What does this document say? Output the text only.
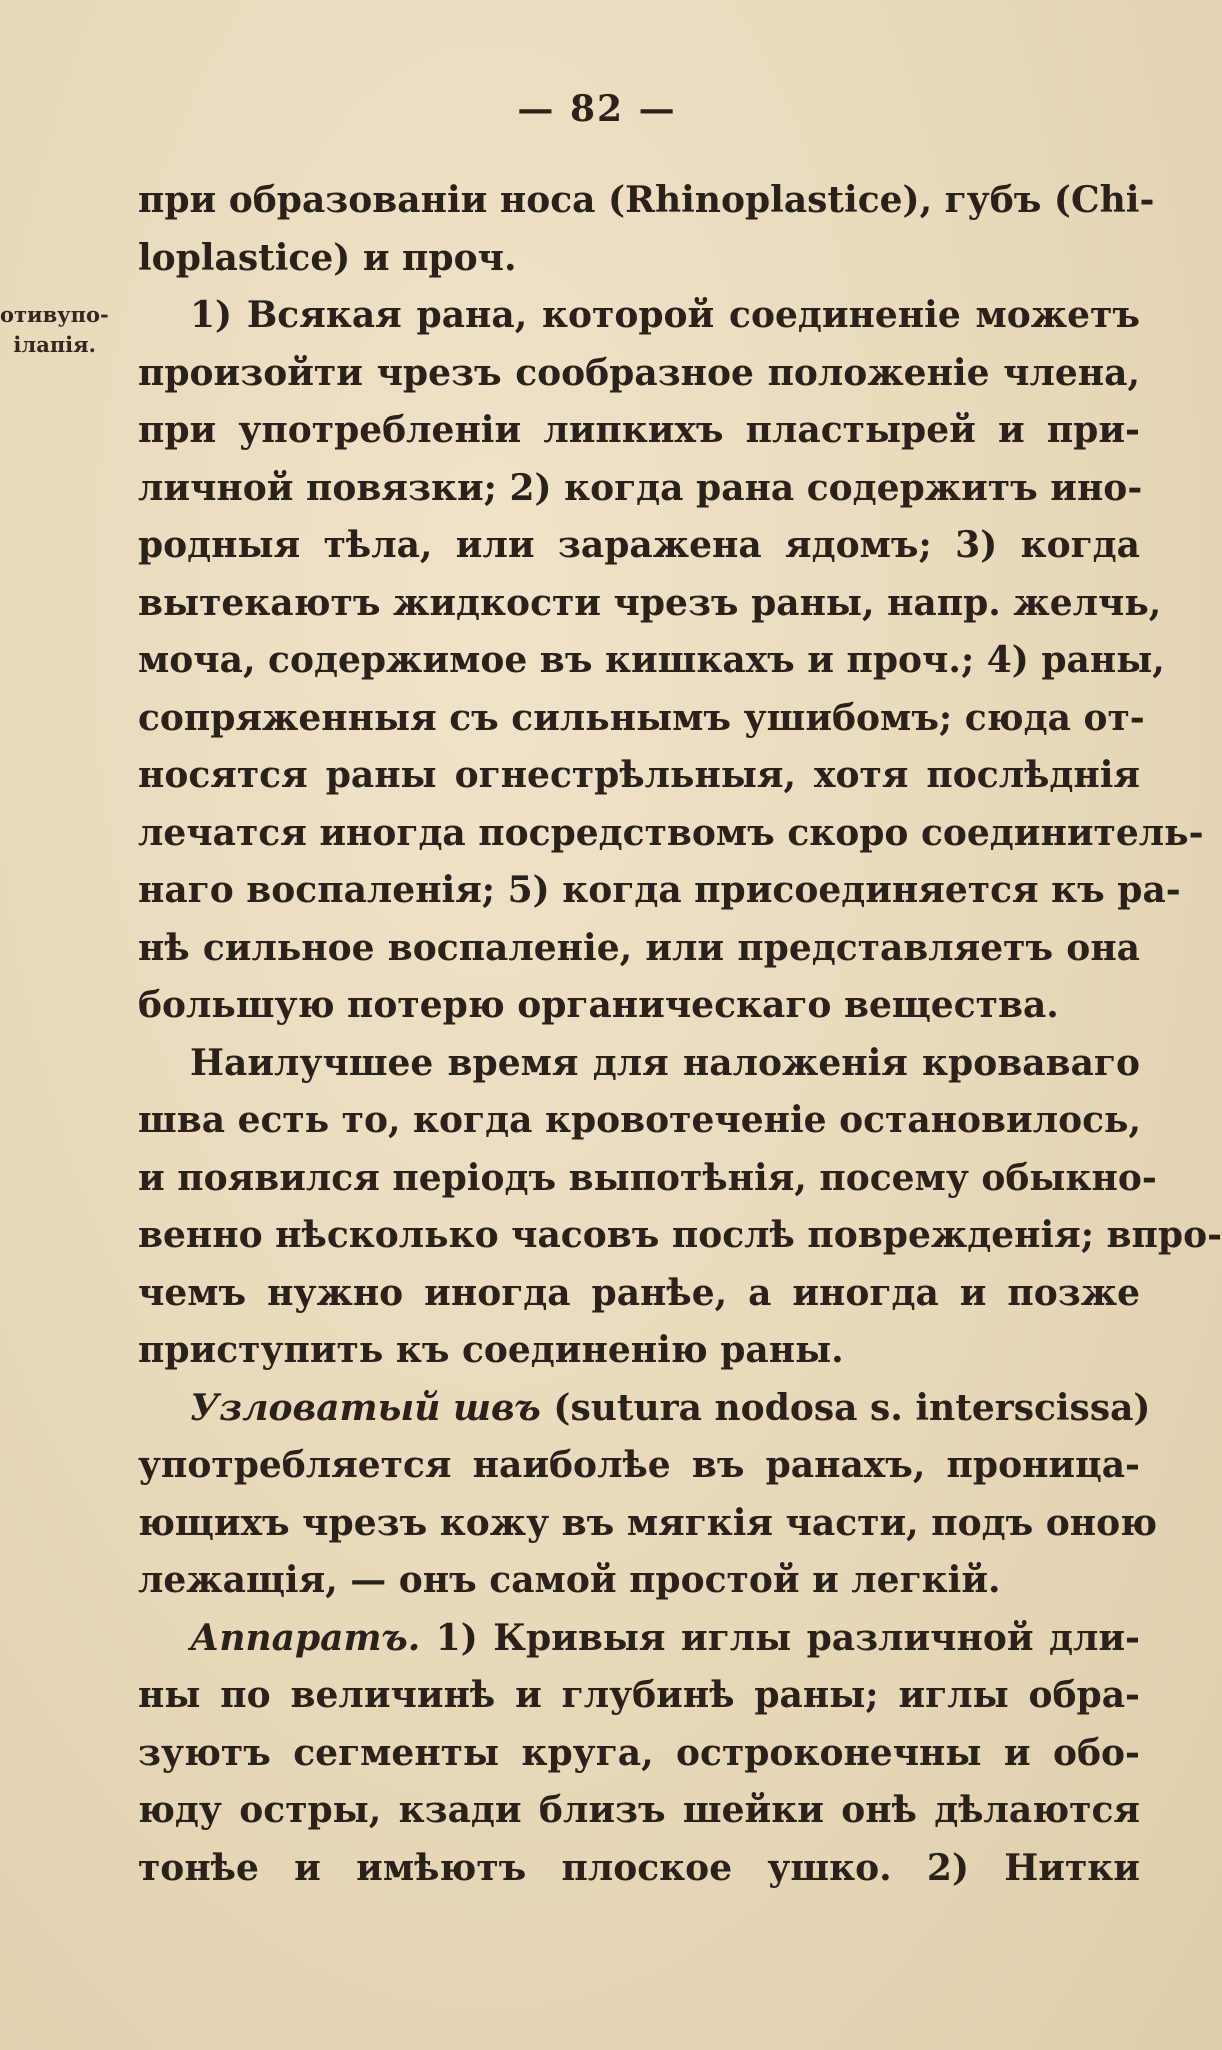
— 82 —
отивупо-
ілапія.
при образованіи носа (Rhinoplastice), губъ (Chi-
loplastice) и проч.
1) Всякая рана, которой соединеніе можетъ
произойти чрезъ сообразное положеніе члена,
при употребленіи липкихъ пластырей и при-
личной повязки; 2) когда рана содержитъ ино-
родныя тѣла, или заражена ядомъ; 3) когда
вытекаютъ жидкости чрезъ раны, напр. желчь,
моча, содержимое въ кишкахъ и проч.; 4) раны,
сопряженныя съ сильнымъ ушибомъ; сюда от-
носятся раны огнестрѣльныя, хотя послѣднія
лечатся иногда посредствомъ скоро соединитель-
наго воспаленія; 5) когда присоединяется къ ра-
нѣ сильное воспаленіе, или представляетъ она
большую потерю органическаго вещества.
Наилучшее время для наложенія кроваваго
шва есть то, когда кровотеченіе остановилось,
и появился періодъ выпотѣнія, посему обыкно-
венно нѣсколько часовъ послѣ поврежденія; впро-
чемъ нужно иногда ранѣе, а иногда и позже
приступить къ соединенію раны.
Узловатый швъ (sutura nodosa s. interscissa)
употребляется наиболѣе въ ранахъ, проница-
ющихъ чрезъ кожу въ мягкія части, подъ оною
лежащія, — онъ самой простой и легкій.
Аппаратъ. 1) Кривыя иглы различной дли-
ны по величинѣ и глубинѣ раны; иглы обра-
зуютъ сегменты круга, остроконечны и обо-
юду остры, кзади близъ шейки онѣ дѣлаются
тонѣе и имѣютъ плоское ушко. 2) Нитки
